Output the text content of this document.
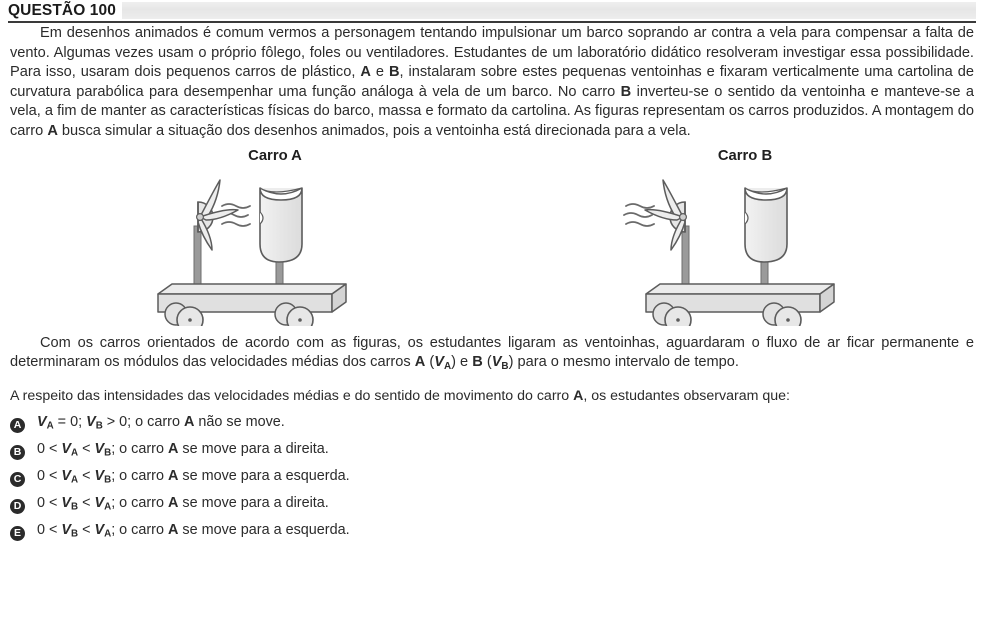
QUESTÃO 100

Em desenhos animados é comum vermos a personagem tentando impulsionar um barco soprando ar contra a vela para compensar a falta de vento. Algumas vezes usam o próprio fôlego, foles ou ventiladores. Estudantes de um laboratório didático resolveram investigar essa possibilidade. Para isso, usaram dois pequenos carros de plástico, A e B, instalaram sobre estes pequenas ventoinhas e fixaram verticalmente uma cartolina de curvatura parabólica para desempenhar uma função análoga à vela de um barco. No carro B inverteu-se o sentido da ventoinha e manteve-se a vela, a fim de manter as características físicas do barco, massa e formato da cartolina. As figuras representam os carros produzidos. A montagem do carro A busca simular a situação dos desenhos animados, pois a ventoinha está direcionada para a vela.

Carro A	Carro B

Com os carros orientados de acordo com as figuras, os estudantes ligaram as ventoinhas, aguardaram o fluxo de ar ficar permanente e determinaram os módulos das velocidades médias dos carros A $(V_A)$ e B $(V_B)$ para o mesmo intervalo de tempo.

A respeito das intensidades das velocidades médias e do sentido de movimento do carro A, os estudantes observaram que:
A $V_A = 0$; $V_B > 0$; o carro A não se move.
B $0 < V_A < V_B$; o carro A se move para a direita.
C $0 < V_A < V_B$; o carro A se move para a esquerda.
D $0 < V_B < V_A$; o carro A se move para a direita.
E $0 < V_B < V_A$; o carro A se move para a esquerda.
